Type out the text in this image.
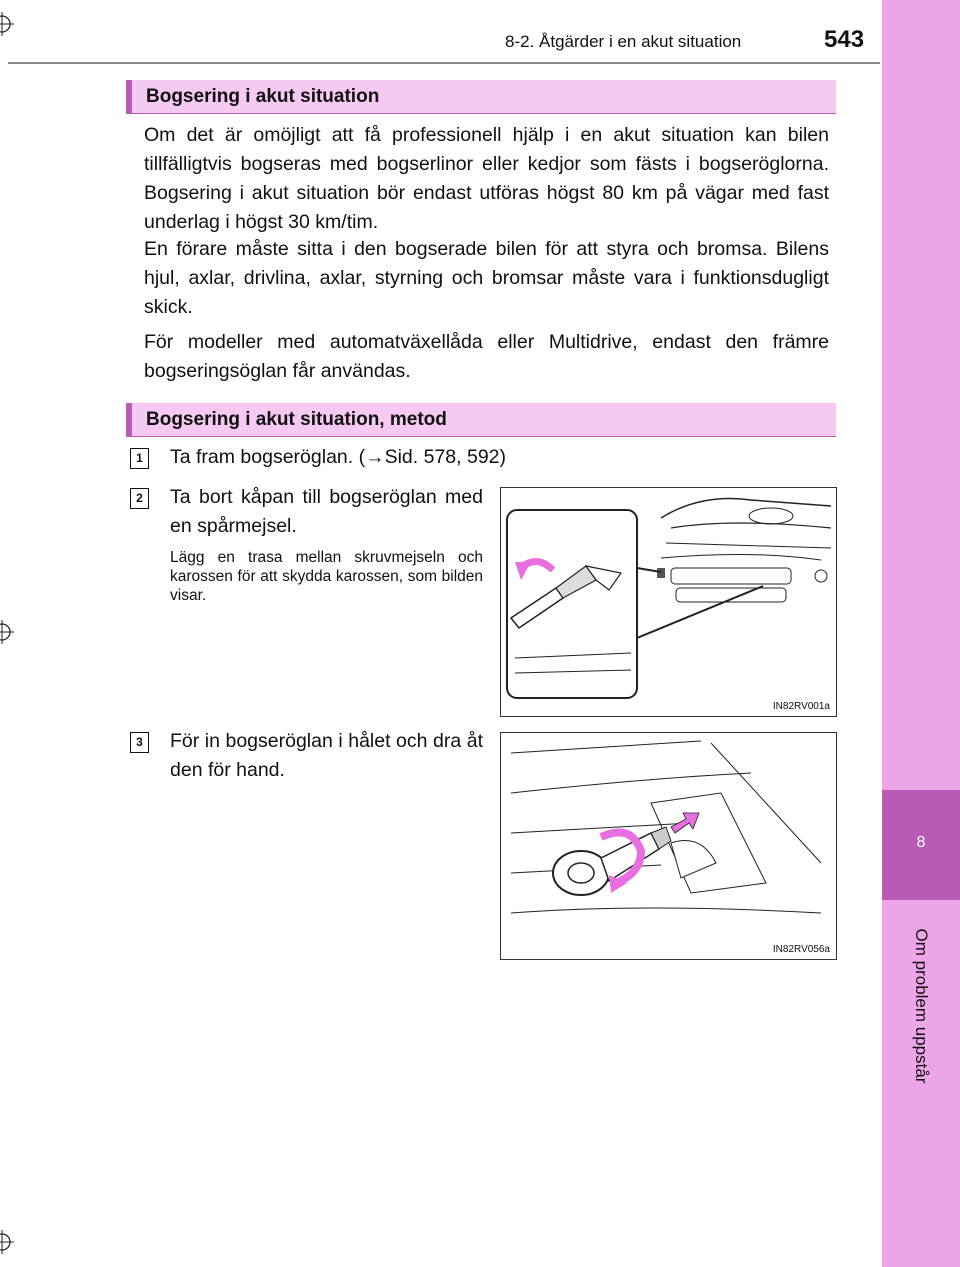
8
Om problem uppstår
8-2. Åtgärder i en akut situation	543
Bogsering i akut situation
Om det är omöjligt att få professionell hjälp i en akut situation kan bilen tillfälligtvis bogseras med bogserlinor eller kedjor som fästs i bogseröglorna. Bogsering i akut situation bör endast utföras högst 80 km på vägar med fast underlag i högst 30 km/tim.
En förare måste sitta i den bogserade bilen för att styra och bromsa. Bilens hjul, axlar, drivlina, axlar, styrning och bromsar måste vara i funktionsdugligt skick.
För modeller med automatväxellåda eller Multidrive, endast den främre bogseringsöglan får användas.
Bogsering i akut situation, metod
1	Ta fram bogseröglan. (→Sid. 578, 592)
2	Ta bort kåpan till bogseröglan med en spårmejsel.
Lägg en trasa mellan skruvmejseln och karossen för att skydda karossen, som bilden visar.
IN82RV001a
3	För in bogseröglan i hålet och dra åt den för hand.
IN82RV056a
